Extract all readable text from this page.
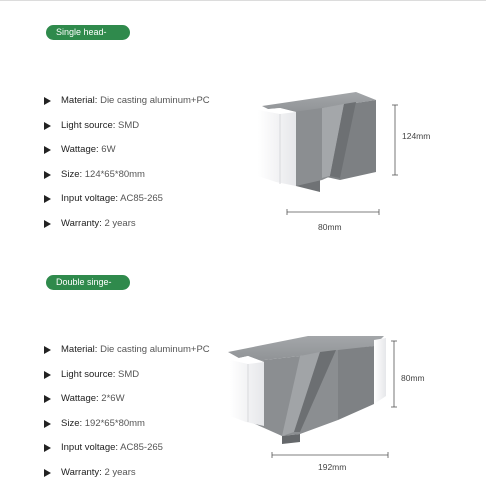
Single head-
Material: Die casting aluminum+PC
Light source: SMD
Wattage: 6W
Size: 124*65*80mm
Input voltage: AC85-265
Warranty: 2 years
Double singe-
Material: Die casting aluminum+PC
Light source: SMD
Wattage: 2*6W
Size: 192*65*80mm
Input voltage: AC85-265
Warranty: 2 years
124mm
80mm
80mm
192mm
